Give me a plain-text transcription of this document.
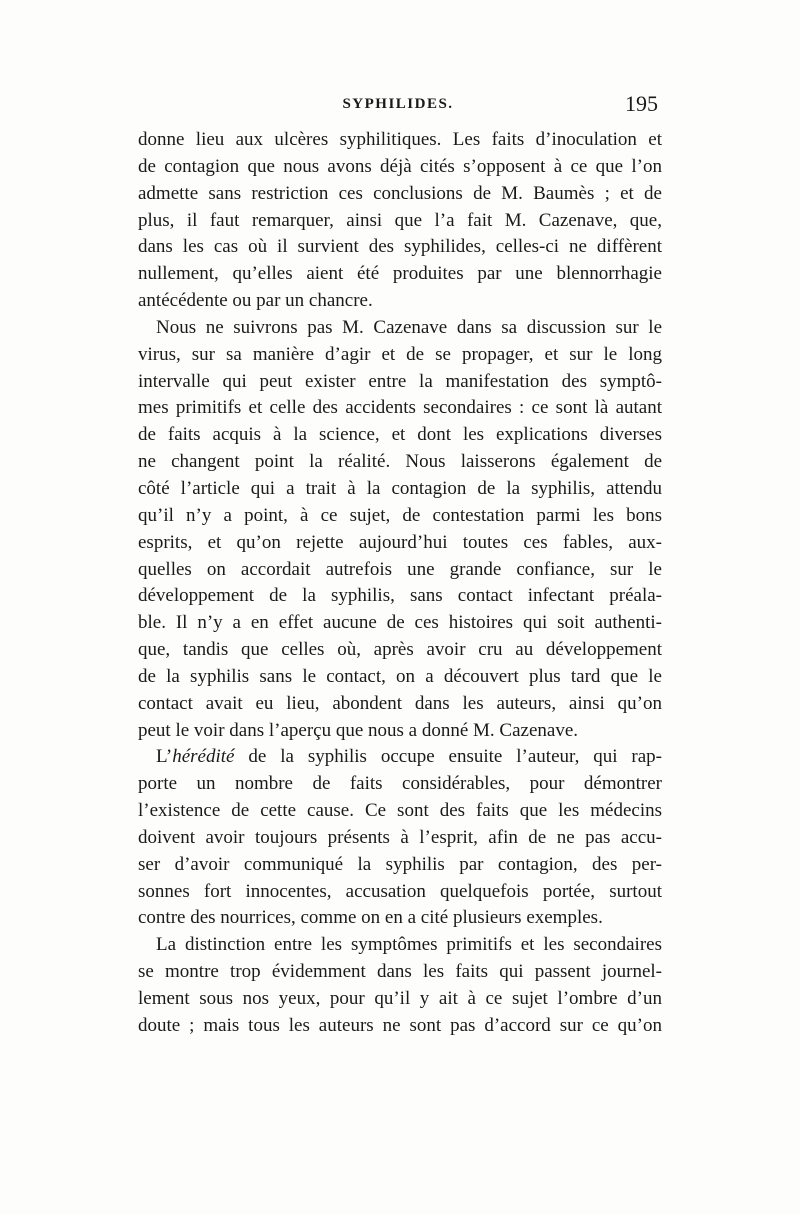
SYPHILIDES.	195
donne lieu aux ulcères syphilitiques. Les faits d’inoculation et
de contagion que nous avons déjà cités s’opposent à ce que l’on
admette sans restriction ces conclusions de M. Baumès ; et de
plus, il faut remarquer, ainsi que l’a fait M. Cazenave, que,
dans les cas où il survient des syphilides, celles-ci ne diffèrent
nullement, qu’elles aient été produites par une blennorrhagie
antécédente ou par un chancre.
Nous ne suivrons pas M. Cazenave dans sa discussion sur le
virus, sur sa manière d’agir et de se propager, et sur le long
intervalle qui peut exister entre la manifestation des symptô-
mes primitifs et celle des accidents secondaires : ce sont là autant
de faits acquis à la science, et dont les explications diverses
ne changent point la réalité. Nous laisserons également de
côté l’article qui a trait à la contagion de la syphilis, attendu
qu’il n’y a point, à ce sujet, de contestation parmi les bons
esprits, et qu’on rejette aujourd’hui toutes ces fables, aux-
quelles on accordait autrefois une grande confiance, sur le
développement de la syphilis, sans contact infectant préala-
ble. Il n’y a en effet aucune de ces histoires qui soit authenti-
que, tandis que celles où, après avoir cru au développement
de la syphilis sans le contact, on a découvert plus tard que le
contact avait eu lieu, abondent dans les auteurs, ainsi qu’on
peut le voir dans l’aperçu que nous a donné M. Cazenave.
L’hérédité de la syphilis occupe ensuite l’auteur, qui rap-
porte un nombre de faits considérables, pour démontrer
l’existence de cette cause. Ce sont des faits que les médecins
doivent avoir toujours présents à l’esprit, afin de ne pas accu-
ser d’avoir communiqué la syphilis par contagion, des per-
sonnes fort innocentes, accusation quelquefois portée, surtout
contre des nourrices, comme on en a cité plusieurs exemples.
La distinction entre les symptômes primitifs et les secondaires
se montre trop évidemment dans les faits qui passent journel-
lement sous nos yeux, pour qu’il y ait à ce sujet l’ombre d’un
doute ; mais tous les auteurs ne sont pas d’accord sur ce qu’on
